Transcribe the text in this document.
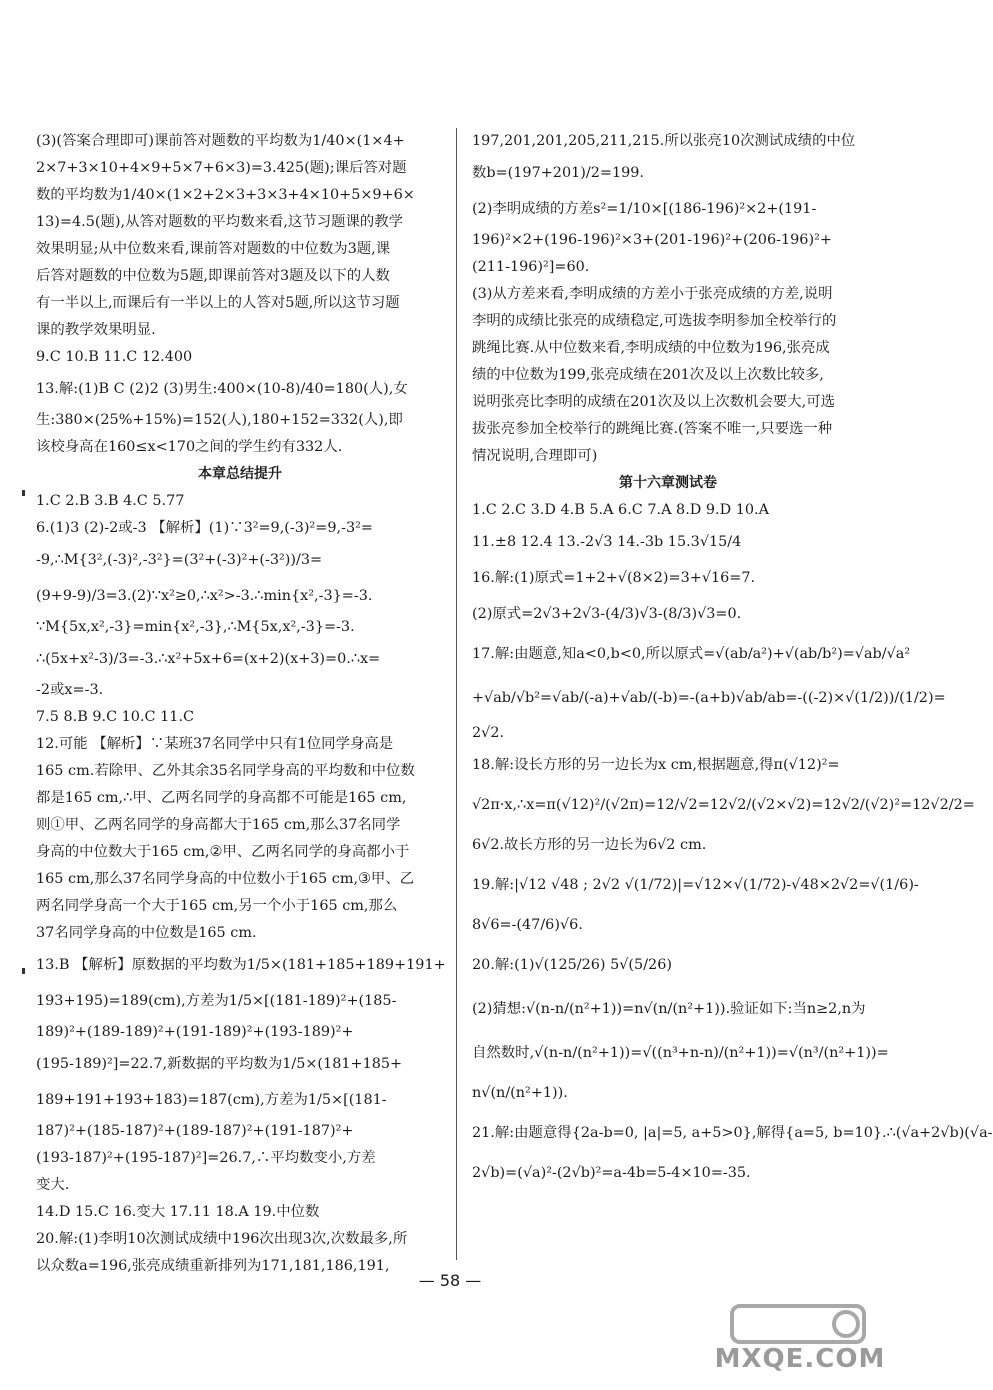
(3)(答案合理即可)课前答对题数的平均数为1/40×(1×4+
2×7+3×10+4×9+5×7+6×3)=3.425(题);课后答对题
数的平均数为1/40×(1×2+2×3+3×3+4×10+5×9+6×
13)=4.5(题),从答对题数的平均数来看,这节习题课的教学
效果明显;从中位数来看,课前答对题数的中位数为3题,课
后答对题数的中位数为5题,即课前答对3题及以下的人数
有一半以上,而课后有一半以上的人答对5题,所以这节习题
课的教学效果明显.
9.C 10.B 11.C 12.400
13.解:(1)B C (2)2 (3)男生:400×(10-8)/40=180(人),女
生:380×(25%+15%)=152(人),180+152=332(人),即
该校身高在160≤x<170之间的学生约有332人.
本章总结提升
1.C 2.B 3.B 4.C 5.77
6.(1)3 (2)-2或-3 【解析】(1)∵3²=9,(-3)²=9,-3²=
-9,∴M{3²,(-3)²,-3²}=(3²+(-3)²+(-3²))/3=
(9+9-9)/3=3.(2)∵x²≥0,∴x²>-3.∴min{x²,-3}=-3.
∵M{5x,x²,-3}=min{x²,-3},∴M{5x,x²,-3}=-3.
∴(5x+x²-3)/3=-3.∴x²+5x+6=(x+2)(x+3)=0.∴x=
-2或x=-3.
7.5 8.B 9.C 10.C 11.C
12.可能 【解析】∵某班37名同学中只有1位同学身高是
165 cm.若除甲、乙外其余35名同学身高的平均数和中位数
都是165 cm,∴甲、乙两名同学的身高都不可能是165 cm,
则①甲、乙两名同学的身高都大于165 cm,那么37名同学
身高的中位数大于165 cm,②甲、乙两名同学的身高都小于
165 cm,那么37名同学身高的中位数小于165 cm,③甲、乙
两名同学身高一个大于165 cm,另一个小于165 cm,那么
37名同学身高的中位数是165 cm.
13.B 【解析】原数据的平均数为1/5×(181+185+189+191+
193+195)=189(cm),方差为1/5×[(181-189)²+(185-
189)²+(189-189)²+(191-189)²+(193-189)²+
(195-189)²]=22.7,新数据的平均数为1/5×(181+185+
189+191+193+183)=187(cm),方差为1/5×[(181-
187)²+(185-187)²+(189-187)²+(191-187)²+
(193-187)²+(195-187)²]=26.7,∴平均数变小,方差
变大.
14.D 15.C 16.变大 17.11 18.A 19.中位数
20.解:(1)李明10次测试成绩中196次出现3次,次数最多,所
以众数a=196,张亮成绩重新排列为171,181,186,191,
197,201,201,205,211,215.所以张亮10次测试成绩的中位
数b=(197+201)/2=199.
(2)李明成绩的方差s²=1/10×[(186-196)²×2+(191-
196)²×2+(196-196)²×3+(201-196)²+(206-196)²+
(211-196)²]=60.
(3)从方差来看,李明成绩的方差小于张亮成绩的方差,说明
李明的成绩比张亮的成绩稳定,可选拔李明参加全校举行的
跳绳比赛.从中位数来看,李明成绩的中位数为196,张亮成
绩的中位数为199,张亮成绩在201次及以上次数比较多,
说明张亮比李明的成绩在201次及以上次数机会要大,可选
拔张亮参加全校举行的跳绳比赛.(答案不唯一,只要选一种
情况说明,合理即可)
第十六章测试卷
1.C 2.C 3.D 4.B 5.A 6.C 7.A 8.D 9.D 10.A
11.±8 12.4 13.-2√3 14.-3b 15.3√15/4
16.解:(1)原式=1+2+√(8×2)=3+√16=7.
(2)原式=2√3+2√3-(4/3)√3-(8/3)√3=0.
17.解:由题意,知a<0,b<0,所以原式=√(ab/a²)+√(ab/b²)=√ab/√a²
+√ab/√b²=√ab/(-a)+√ab/(-b)=-(a+b)√ab/ab=-((-2)×√(1/2))/(1/2)=
2√2.
18.解:设长方形的另一边长为x cm,根据题意,得π(√12)²=
√2π·x,∴x=π(√12)²/(√2π)=12/√2=12√2/(√2×√2)=12√2/(√2)²=12√2/2=
6√2.故长方形的另一边长为6√2 cm.
19.解:|√12 √48 ; 2√2 √(1/72)|=√12×√(1/72)-√48×2√2=√(1/6)-
8√6=-(47/6)√6.
20.解:(1)√(125/26) 5√(5/26)
(2)猜想:√(n-n/(n²+1))=n√(n/(n²+1)).验证如下:当n≥2,n为
自然数时,√(n-n/(n²+1))=√((n³+n-n)/(n²+1))=√(n³/(n²+1))=
n√(n/(n²+1)).
21.解:由题意得{2a-b=0, |a|=5, a+5>0},解得{a=5, b=10}.∴(√a+2√b)(√a-
2√b)=(√a)²-(2√b)²=a-4b=5-4×10=-35.
— 58 —
MXQE.COM
